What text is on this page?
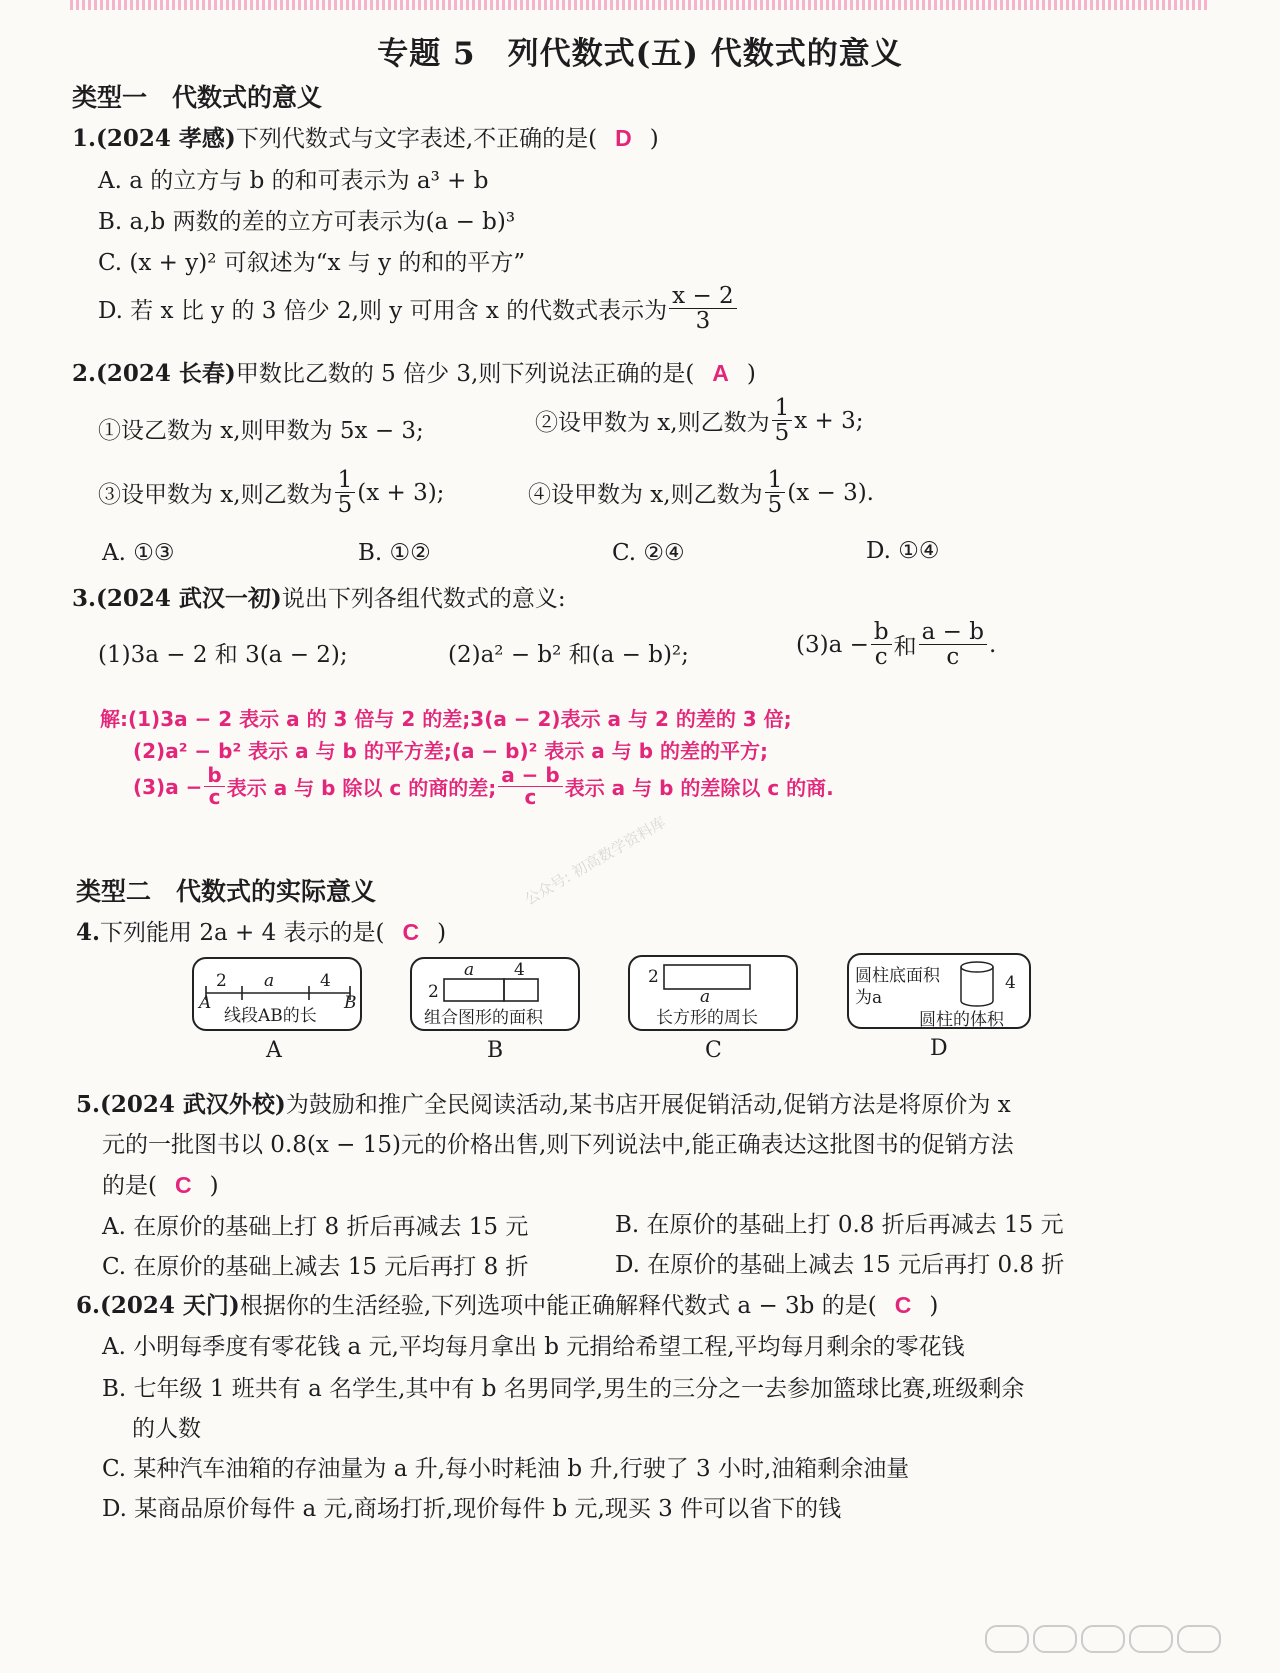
专题 5　列代数式(五) 代数式的意义
类型一　代数式的意义
1.(2024 孝感)下列代数式与文字表述,不正确的是( D )
A. a 的立方与 b 的和可表示为 a³ + b
B. a,b 两数的差的立方可表示为(a − b)³
C. (x + y)² 可叙述为“x 与 y 的和的平方”
D. 若 x 比 y 的 3 倍少 2,则 y 可用含 x 的代数式表示为 $\frac{x - 2}{3}$
2.(2024 长春)甲数比乙数的 5 倍少 3,则下列说法正确的是( A )
①设乙数为 x,则甲数为 5x − 3;	②设甲数为 x,则乙数为 $\frac{1}{5}$ x + 3;
③设甲数为 x,则乙数为 $\frac{1}{5} (x + 3)$;	④设甲数为 x,则乙数为 $\frac{1}{5} (x - 3)$.
A. ①③	B. ①②	C. ②④	D. ①④
3.(2024 武汉一初)说出下列各组代数式的意义:
(1)3a − 2 和 3(a − 2);	(2)a² − b² 和(a − b)²;	$(3)a - \frac{b}{c}$ 和 $\frac{a - b}{c}$ .
解:(1)3a − 2 表示 a 的 3 倍与 2 的差;3(a − 2)表示 a 与 2 的差的 3 倍;
(2)a² − b² 表示 a 与 b 的平方差;(a − b)² 表示 a 与 b 的差的平方;
$(3)a - \frac{b}{c}$ 表示 a 与 b 除以 c 的商的差; $\frac{a - b}{c}$ 表示 a 与 b 的差除以 c 的商.
公众号: 初高数学资料库
类型二　代数式的实际意义
4.下列能用 2a + 4 表示的是( C )
2 a	4
A	B
线段AB的长
A
a 4
2
组合图形的面积
B
2
a
长方形的周长
C
圆柱底面积
为a
4
圆柱的体积
D
5.(2024 武汉外校)为鼓励和推广全民阅读活动,某书店开展促销活动,促销方法是将原价为 x
元的一批图书以 0.8(x − 15)元的价格出售,则下列说法中,能正确表达这批图书的促销方法
的是( C )
A. 在原价的基础上打 8 折后再减去 15 元	B. 在原价的基础上打 0.8 折后再减去 15 元
C. 在原价的基础上减去 15 元后再打 8 折	D. 在原价的基础上减去 15 元后再打 0.8 折
6.(2024 天门)根据你的生活经验,下列选项中能正确解释代数式 a − 3b 的是( C )
A. 小明每季度有零花钱 a 元,平均每月拿出 b 元捐给希望工程,平均每月剩余的零花钱
B. 七年级 1 班共有 a 名学生,其中有 b 名男同学,男生的三分之一去参加篮球比赛,班级剩余
的人数
C. 某种汽车油箱的存油量为 a 升,每小时耗油 b 升,行驶了 3 小时,油箱剩余油量
D. 某商品原价每件 a 元,商场打折,现价每件 b 元,现买 3 件可以省下的钱
